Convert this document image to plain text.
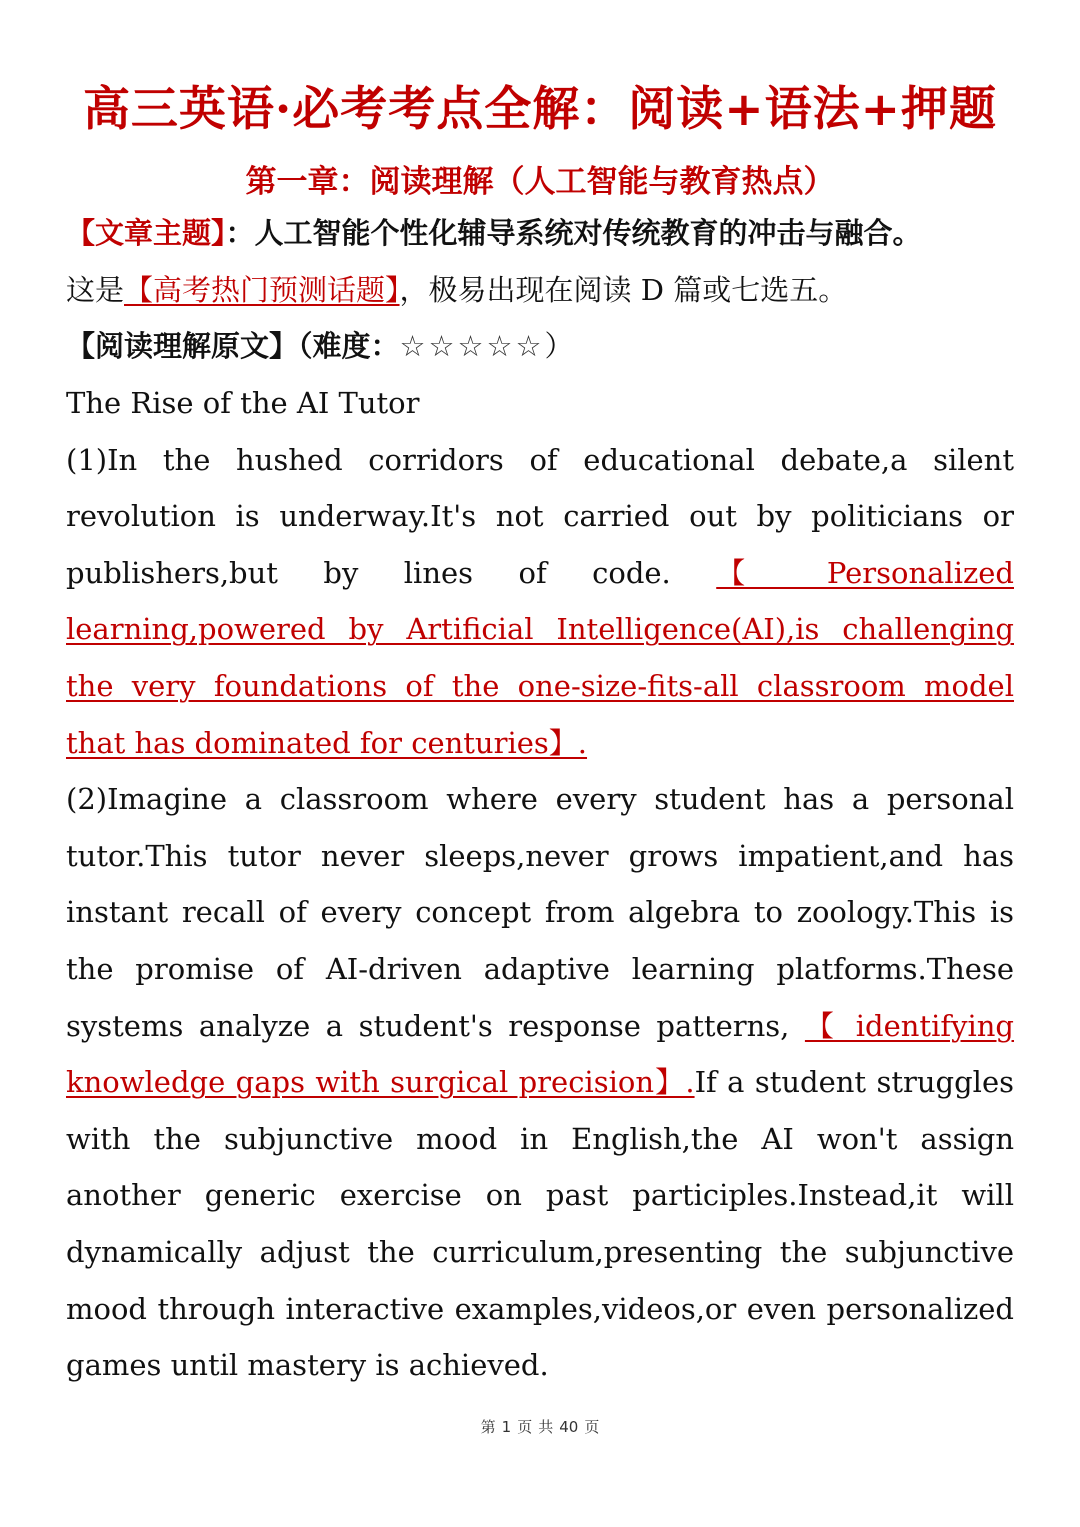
高三英语·必考考点全解：阅读+语法+押题
第一章：阅读理解（人工智能与教育热点）
【文章主题】：人工智能个性化辅导系统对传统教育的冲击与融合。
这是【高考热门预测话题】，极易出现在阅读 D 篇或七选五。
【阅读理解原文】（难度：☆☆☆☆☆）

The Rise of the AI Tutor

(1)In the hushed corridors of educational debate,a silent revolution is underway.It's not carried out by politicians or publishers,but by lines of code. 【 Personalized learning,powered by Artificial Intelligence(AI),is challenging the very foundations of the one-size-fits-all classroom model that has dominated for centuries】.

(2)Imagine a classroom where every student has a personal tutor.This tutor never sleeps,never grows impatient,and has instant recall of every concept from algebra to zoology.This is the promise of AI-driven adaptive learning platforms.These systems analyze a student's response patterns, 【 identifying knowledge gaps with surgical precision】.If a student struggles with the subjunctive mood in English,the AI won't assign another generic exercise on past participles.Instead,it will dynamically adjust the curriculum,presenting the subjunctive mood through interactive examples,videos,or even personalized games until mastery is achieved.

第 1 页 共 40 页
